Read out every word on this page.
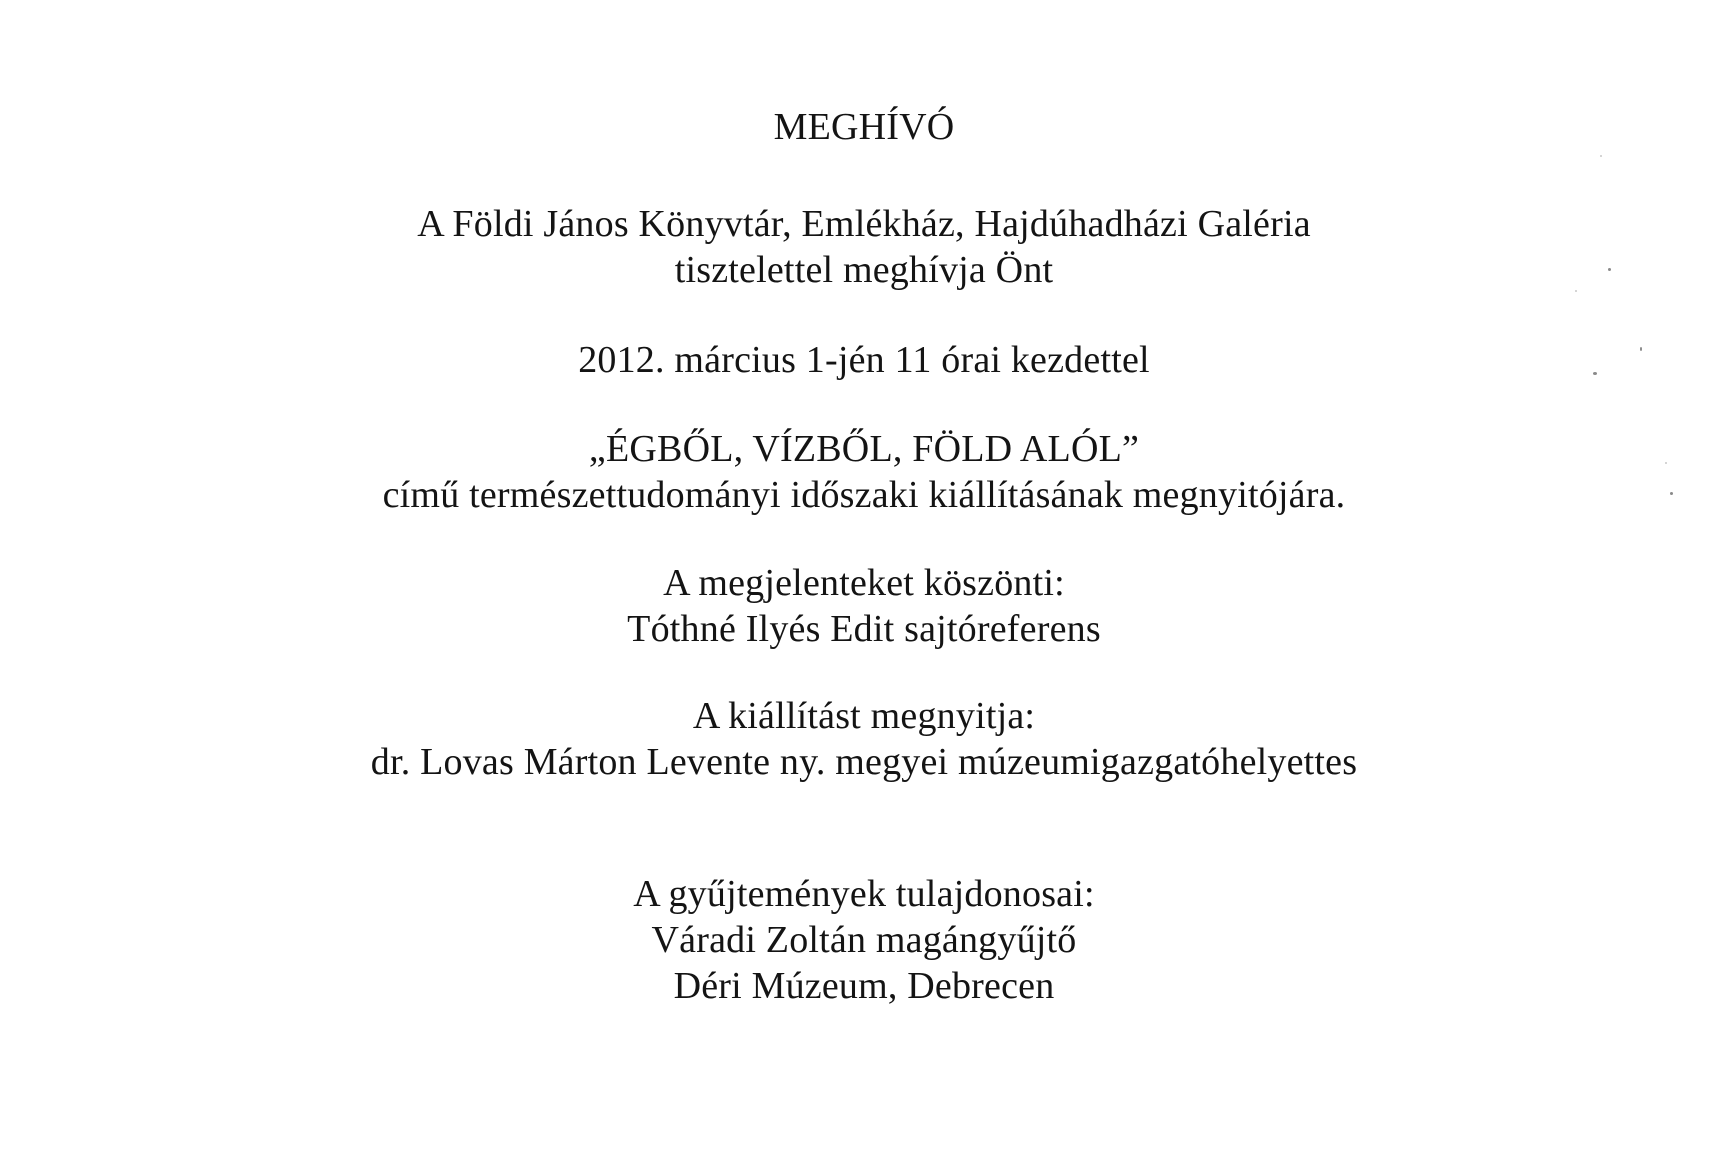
MEGHÍVÓ
A Földi János Könyvtár, Emlékház, Hajdúhadházi Galéria
tisztelettel meghívja Önt
2012. március 1-jén 11 órai kezdettel
„ÉGBŐL, VÍZBŐL, FÖLD ALÓL”
című természettudományi időszaki kiállításának megnyitójára.
A megjelenteket köszönti:
Tóthné Ilyés Edit sajtóreferens
A kiállítást megnyitja:
dr. Lovas Márton Levente ny. megyei múzeumigazgatóhelyettes
A gyűjtemények tulajdonosai:
Váradi Zoltán magángyűjtő
Déri Múzeum, Debrecen
